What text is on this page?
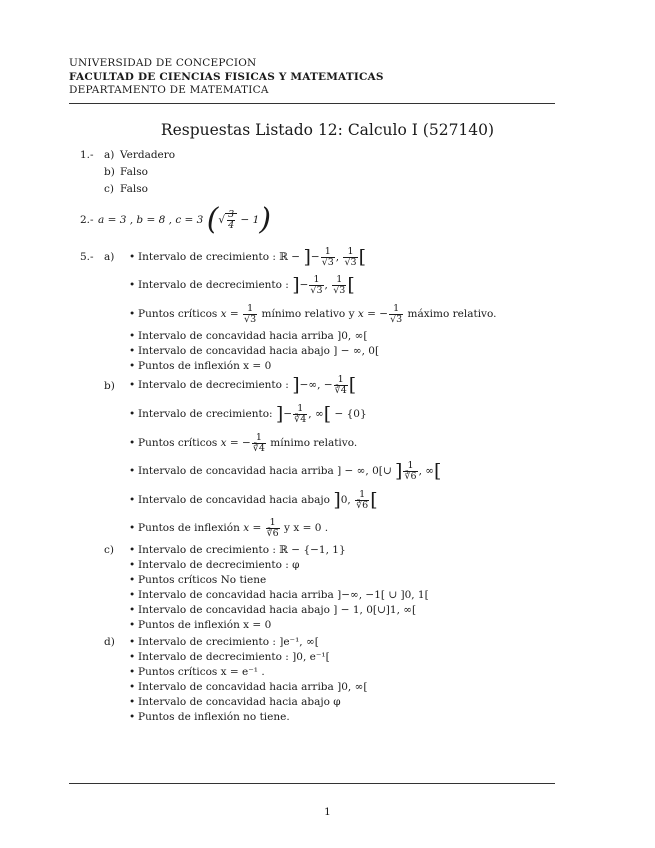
UNIVERSIDAD DE CONCEPCION
FACULTAD DE CIENCIAS FISICAS Y MATEMATICAS
DEPARTAMENTO DE MATEMATICA
Respuestas Listado 12: Calculo I (527140)
1.- a) Verdadero
b) Falso
c) Falso
2.- a = 3 , b = 8 , c = 3 (√ $\frac{3}{4} - 1$)
5.- a) • Intervalo de crecimiento : ℝ − ]− $\frac{1}{√3}$ , $\frac{1}{√3}$ [
• Intervalo de decrecimiento : ]− $\frac{1}{√3}$ , $\frac{1}{√3}$ [
• Puntos críticos $x = \frac{1}{√3}$ mínimo relativo y x = − $\frac{1}{√3}$ máximo relativo.
• Intervalo de concavidad hacia arriba ]0, ∞[
• Intervalo de concavidad hacia abajo ] − ∞, 0[
• Puntos de inflexión x = 0
b) • Intervalo de decrecimiento : ]−∞, − $\frac{1}{∛4}$ [
• Intervalo de crecimiento: ]− $\frac{1}{∛4}$ , ∞[ − {0}
• Puntos críticos x = − $\frac{1}{∛4}$ mínimo relativo.
• Intervalo de concavidad hacia arriba ] − ∞, 0[∪ ] $\frac{1}{∛6}$ , ∞[
• Intervalo de concavidad hacia abajo ]0, $\frac{1}{∛6}$ [
• Puntos de inflexión $x = \frac{1}{∛6}$ y x = 0 .
c) • Intervalo de crecimiento : ℝ − {−1, 1}
• Intervalo de decrecimiento : φ
• Puntos críticos No tiene
• Intervalo de concavidad hacia arriba ]−∞, −1[ ∪ ]0, 1[
• Intervalo de concavidad hacia abajo ] − 1, 0[∪]1, ∞[
• Puntos de inflexión x = 0
d) • Intervalo de crecimiento : ]e⁻¹, ∞[
• Intervalo de decrecimiento : ]0, e⁻¹[
• Puntos críticos x = e⁻¹ .
• Intervalo de concavidad hacia arriba ]0, ∞[
• Intervalo de concavidad hacia abajo φ
• Puntos de inflexión no tiene.
1
